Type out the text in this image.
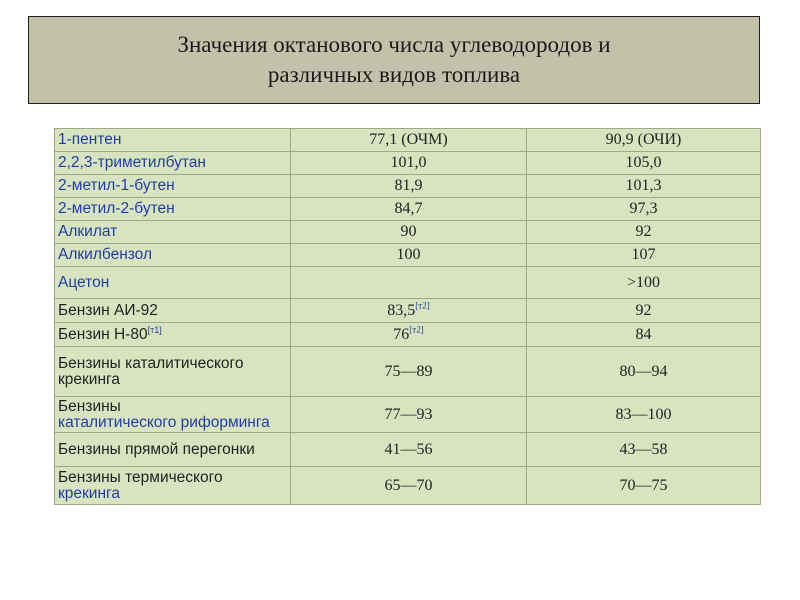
Значения октанового числа углеводородов и
различных видов топлива
1-пентен	77,1 (ОЧМ)	90,9 (ОЧИ)
2,2,3-триметилбутан	101,0	105,0
2-метил-1-бутен	81,9	101,3
2-метил-2-бутен	84,7	97,3
Алкилат	90	92
Алкилбензол	100	107
Ацетон		>100
Бензин АИ-92	83,5[т2]	92
Бензин Н-80[т1]	76[т2]	84
Бензины каталитического крекинга	75—89	80—94

Бензины
каталитического риформинга	77—93	83—100
Бензины прямой перегонки	41—56	43—58
Бензины термического
крекинга	65—70	70—75
